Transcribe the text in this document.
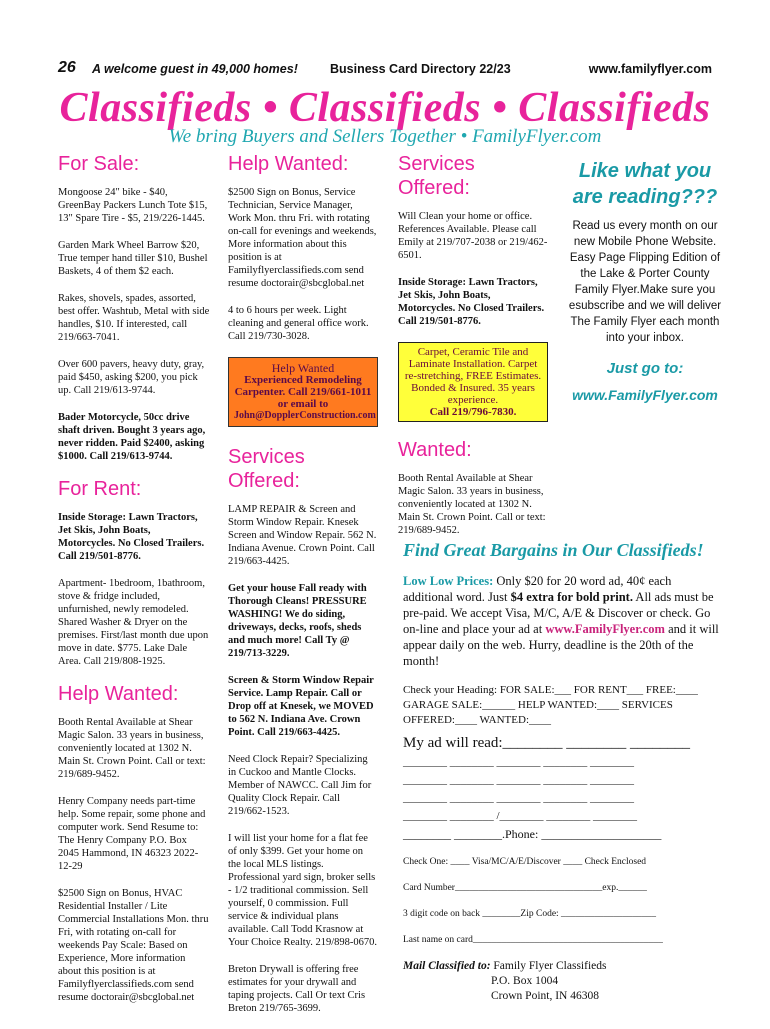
26 A welcome guest in 49,000 homes!	Business Card Directory 22/23	www.familyflyer.com
Classifieds • Classifieds • Classifieds
We bring Buyers and Sellers Together • FamilyFlyer.com
For Sale:

Mongoose 24" bike - $40, GreenBay Packers Lunch Tote $15, 13" Spare Tire - $5, 219/226-1445.

Garden Mark Wheel Barrow $20, True temper hand tiller $10, Bushel Baskets, 4 of them $2 each.

Rakes, shovels, spades, assorted, best offer. Washtub, Metal with side handles, $10. If interested, call 219/663-7041.

Over 600 pavers, heavy duty, gray, paid $450, asking $200, you pick up. Call 219/613-9744.

Bader Motorcycle, 50cc drive shaft driven. Bought 3 years ago, never ridden. Paid $2400, asking $1000. Call 219/613-9744.

For Rent:

Inside Storage: Lawn Tractors, Jet Skis, John Boats, Motorcycles. No Closed Trailers. Call 219/501-8776.

Apartment- 1bedroom, 1bathroom, stove & fridge included, unfurnished, newly remodeled. Shared Washer & Dryer on the premises. First/last month due upon move in date. $775. Lake Dale Area. Call 219/808-1925.

Help Wanted:

Booth Rental Available at Shear Magic Salon. 33 years in business, conveniently located at 1302 N. Main St. Crown Point. Call or text: 219/689-9452.

Henry Company needs part-time help. Some repair, some phone and computer work. Send Resume to: The Henry Company P.O. Box 2045 Hammond, IN 46323 2022-12-29

$2500 Sign on Bonus, HVAC Residential Installer / Lite Commercial Installations Mon. thru Fri, with rotating on-call for weekends Pay Scale: Based on Experience, More information about this position is at Familyflyerclassifieds.com send resume doctorair@sbcglobal.net

Help Wanted:

$2500 Sign on Bonus, Service Technician, Service Manager, Work Mon. thru Fri. with rotating on-call for evenings and weekends, More information about this position is at Familyflyerclassifieds.com send resume doctorair@sbcglobal.net

4 to 6 hours per week. Light cleaning and general office work. Call 219/730-3028.

Help Wanted
Experienced Remodeling Carpenter. Call 219/661-1011 or email to
John@DopplerConstruction.com
Services Offered:

LAMP REPAIR & Screen and Storm Window Repair. Knesek Screen and Window Repair. 562 N. Indiana Avenue. Crown Point. Call 219/663-4425.

Get your house Fall ready with Thorough Cleans! PRESSURE WASHING! We do siding, driveways, decks, roofs, sheds and much more! Call Ty @ 219/713-3229.

Screen & Storm Window Repair Service. Lamp Repair. Call or Drop off at Knesek, we MOVED to 562 N. Indiana Ave. Crown Point. Call 219/663-4425.

Need Clock Repair? Specializing in Cuckoo and Mantle Clocks. Member of NAWCC. Call Jim for Quality Clock Repair. Call 219/662-1523.

I will list your home for a flat fee of only $399. Get your home on the local MLS listings. Professional yard sign, broker sells - 1/2 traditional commission. Sell yourself, 0 commission. Full service & individual plans available. Call Todd Krasnow at Your Choice Realty. 219/898-0670.

Breton Drywall is offering free estimates for your drywall and taping projects. Call Or text Cris Breton 219/765-3699.

Services Offered:

Will Clean your home or office. References Available. Please call Emily at 219/707-2038 or 219/462-6501.

Inside Storage: Lawn Tractors, Jet Skis, John Boats, Motorcycles. No Closed Trailers. Call 219/501-8776.

Carpet, Ceramic Tile and Laminate Installation. Carpet re-stretching, FREE Estimates. Bonded & Insured. 35 years experience.
Call 219/796-7830.
Wanted:

Booth Rental Available at Shear Magic Salon. 33 years in business, conveniently located at 1302 N. Main St. Crown Point. Call or text: 219/689-9452.

Like what you are reading???
Read us every month on our new Mobile Phone Website. Easy Page Flipping Edition of the Lake & Porter County Family Flyer.Make sure you esubscribe and we will deliver The Family Flyer each month into your inbox.
Just go to:
www.FamilyFlyer.com
Find Great Bargains in Our Classifieds!
Low Low Prices: Only $20 for 20 word ad, 40¢ each additional word. Just $4 extra for bold print. All ads must be pre-paid. We accept Visa, M/C, A/E & Discover or check. Go on-line and place your ad at www.FamilyFlyer.com and it will appear daily on the web. Hurry, deadline is the 20th of the month!
Check your Heading: FOR SALE:___ FOR RENT___ FREE:____ GARAGE SALE:______ HELP WANTED:____ SERVICES OFFERED:____ WANTED:____
My ad will read:________ ________ ________
________ ________ ________ ________ ________
________ ________ ________ ________ ________
________ ________ ________ ________ ________
________ ________ /________ ________ ________
________ ________.Phone: ____________________
Check One: ____ Visa/MC/A/E/Discover ____ Check Enclosed
Card Number_______________________________exp.______
3 digit code on back ________Zip Code: ____________________
Last name on card________________________________________
Mail Classified to: Family Flyer Classifieds
P.O. Box 1004
Crown Point, IN 46308
